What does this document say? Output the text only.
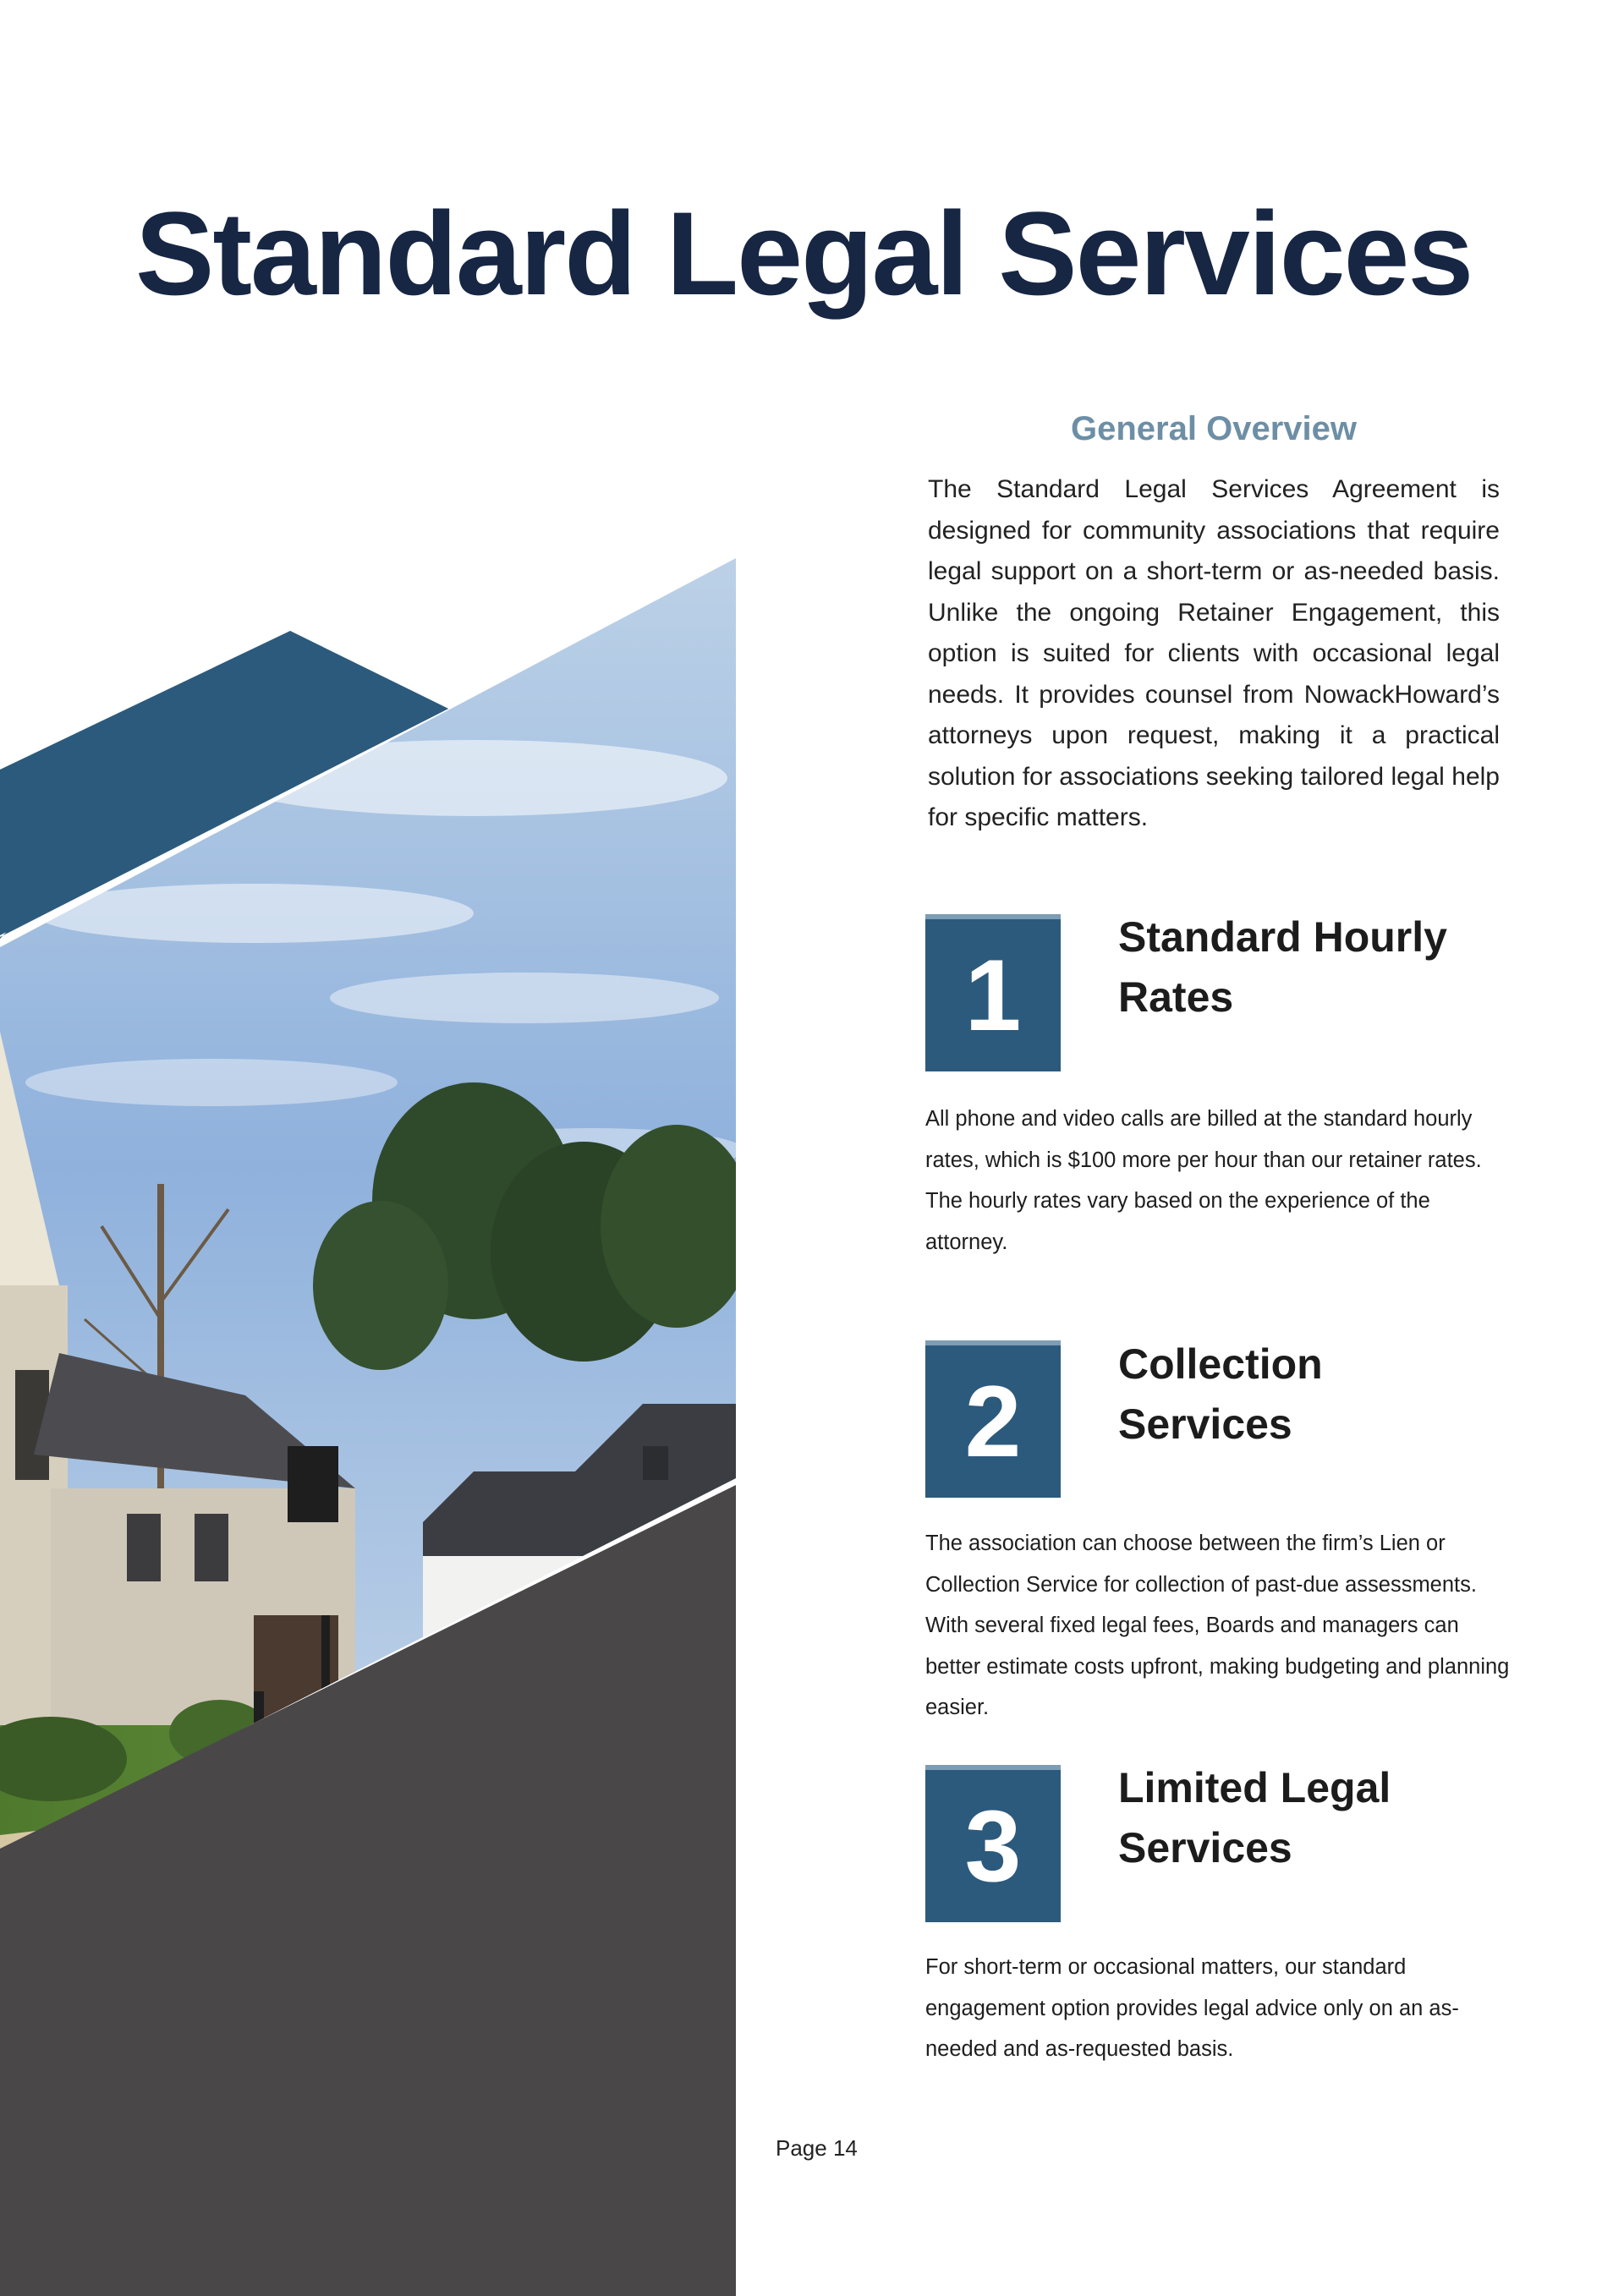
Standard Legal Services
General Overview

The Standard Legal Services Agreement is designed for community associations that require legal support on a short-term or as-needed basis. Unlike the ongoing Retainer Engagement, this option is suited for clients with occasional legal needs. It provides counsel from NowackHoward’s attorneys upon request, making it a practical solution for associations seeking tailored legal help for specific matters.

1
Standard Hourly Rates

All phone and video calls are billed at the standard hourly rates, which is $100 more per hour than our retainer rates. The hourly rates vary based on the experience of the attorney.

2
Collection Services

The association can choose between the firm’s Lien or Collection Service for collection of past-due assessments. With several fixed legal fees, Boards and managers can better estimate costs upfront, making budgeting and planning easier.

3
Limited Legal Services

For short-term or occasional matters, our standard engagement option provides legal advice only on an as-needed and as-requested basis.

Page 14
